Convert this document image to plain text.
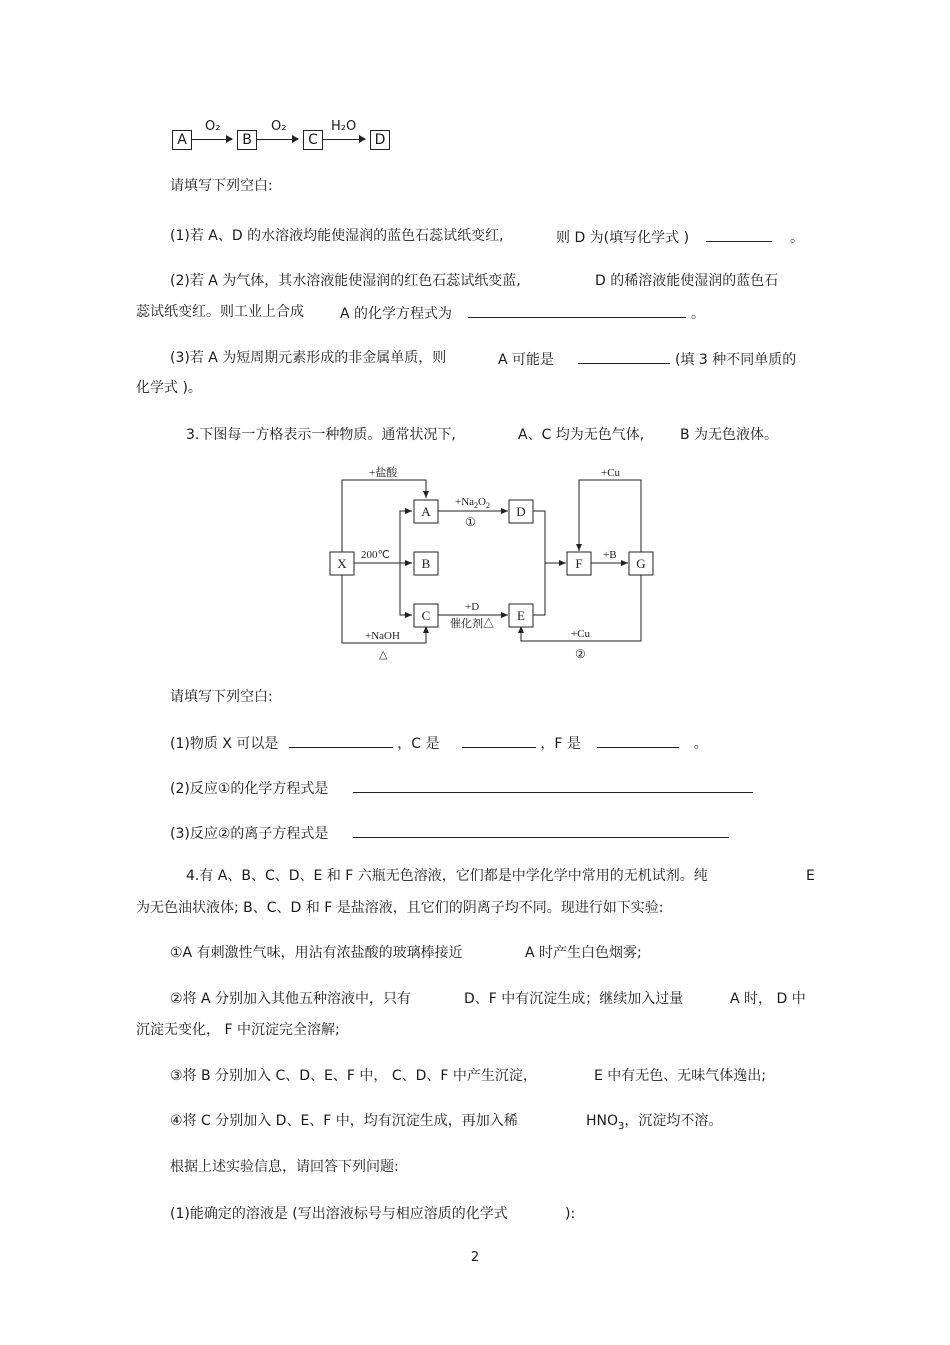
A
O₂
B
O₂
C
H₂O
D
请填写下列空白:
(1)若 A、D 的水溶液均能使湿润的蓝色石蕊试纸变红,	则 D 为(填写化学式 )	。
(2)若 A 为气体，其水溶液能使湿润的红色石蕊试纸变蓝,	D 的稀溶液能使湿润的蓝色石
蕊试纸变红。则工业上合成	A 的化学方程式为	。
(3)若 A 为短周期元素形成的非金属单质，则	A 可能是	(填 3 种不同单质的
化学式 )。
3.下图每一方格表示一种物质。通常状况下,	A、C 均为无色气体,	B 为无色液体。
X
A
B
C
D
E
F	G
+盐酸
$+Na_2O_2$
①
200℃
+D
催化剂△
+NaOH
△
+Cu
+B
+Cu
②
请填写下列空白:
(1)物质 X 可以是	，C 是	，F 是	。
(2)反应①的化学方程式是
(3)反应②的离子方程式是
4.有 A、B、C、D、E 和 F 六瓶无色溶液，它们都是中学化学中常用的无机试剂。纯	E
为无色油状液体; B、C、D 和 F 是盐溶液，且它们的阴离子均不同。现进行如下实验:
①A 有刺激性气味，用沾有浓盐酸的玻璃棒接近	A 时产生白色烟雾;
②将 A 分别加入其他五种溶液中，只有	D、F 中有沉淀生成；继续加入过量	A 时， D 中
沉淀无变化， F 中沉淀完全溶解;
③将 B 分别加入 C、D、E、F 中， C、D、F 中产生沉淀，	E 中有无色、无味气体逸出;
④将 C 分别加入 D、E、F 中，均有沉淀生成，再加入稀	$HNO_3$，沉淀均不溶。
根据上述实验信息，请回答下列问题:
(1)能确定的溶液是 (写出溶液标号与相应溶质的化学式	):
2
